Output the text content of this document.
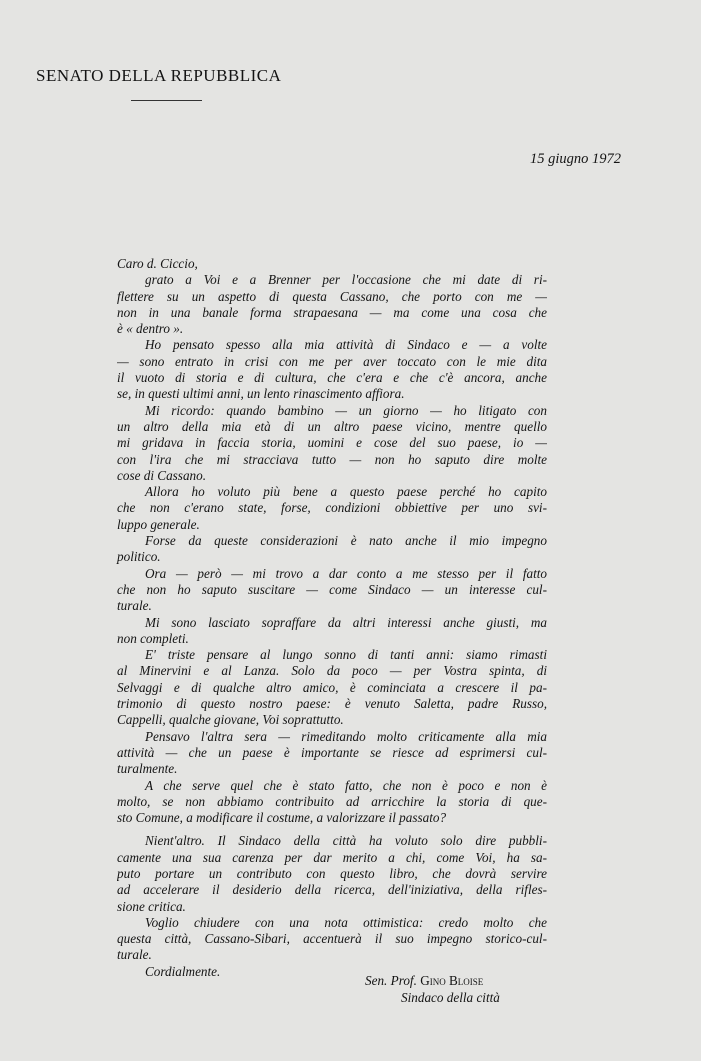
SENATO DELLA REPUBBLICA
15 giugno 1972
Caro d. Ciccio,
grato a Voi e a Brenner per l'occasione che mi date di ri-
flettere su un aspetto di questa Cassano, che porto con me —
non in una banale forma strapaesana — ma come una cosa che
è « dentro ».
Ho pensato spesso alla mia attività di Sindaco e — a volte
— sono entrato in crisi con me per aver toccato con le mie dita
il vuoto di storia e di cultura, che c'era e che c'è ancora, anche
se, in questi ultimi anni, un lento rinascimento affiora.
Mi ricordo: quando bambino — un giorno — ho litigato con
un altro della mia età di un altro paese vicino, mentre quello
mi gridava in faccia storia, uomini e cose del suo paese, io —
con l'ira che mi stracciava tutto — non ho saputo dire molte
cose di Cassano.
Allora ho voluto più bene a questo paese perché ho capito
che non c'erano state, forse, condizioni obbiettive per uno svi-
luppo generale.
Forse da queste considerazioni è nato anche il mio impegno
politico.
Ora — però — mi trovo a dar conto a me stesso per il fatto
che non ho saputo suscitare — come Sindaco — un interesse cul-
turale.
Mi sono lasciato sopraffare da altri interessi anche giusti, ma
non completi.
E' triste pensare al lungo sonno di tanti anni: siamo rimasti
al Minervini e al Lanza. Solo da poco — per Vostra spinta, di
Selvaggi e di qualche altro amico, è cominciata a crescere il pa-
trimonio di questo nostro paese: è venuto Saletta, padre Russo,
Cappelli, qualche giovane, Voi soprattutto.
Pensavo l'altra sera — rimeditando molto criticamente alla mia
attività — che un paese è importante se riesce ad esprimersi cul-
turalmente.
A che serve quel che è stato fatto, che non è poco e non è
molto, se non abbiamo contribuito ad arricchire la storia di que-
sto Comune, a modificare il costume, a valorizzare il passato?
Nient'altro. Il Sindaco della città ha voluto solo dire pubbli-
camente una sua carenza per dar merito a chi, come Voi, ha sa-
puto portare un contributo con questo libro, che dovrà servire
ad accelerare il desiderio della ricerca, dell'iniziativa, della rifles-
sione critica.
Voglio chiudere con una nota ottimistica: credo molto che
questa città, Cassano-Sibari, accentuerà il suo impegno storico-cul-
turale.
Cordialmente.
Sen. Prof. Gino Bloise
Sindaco della città
